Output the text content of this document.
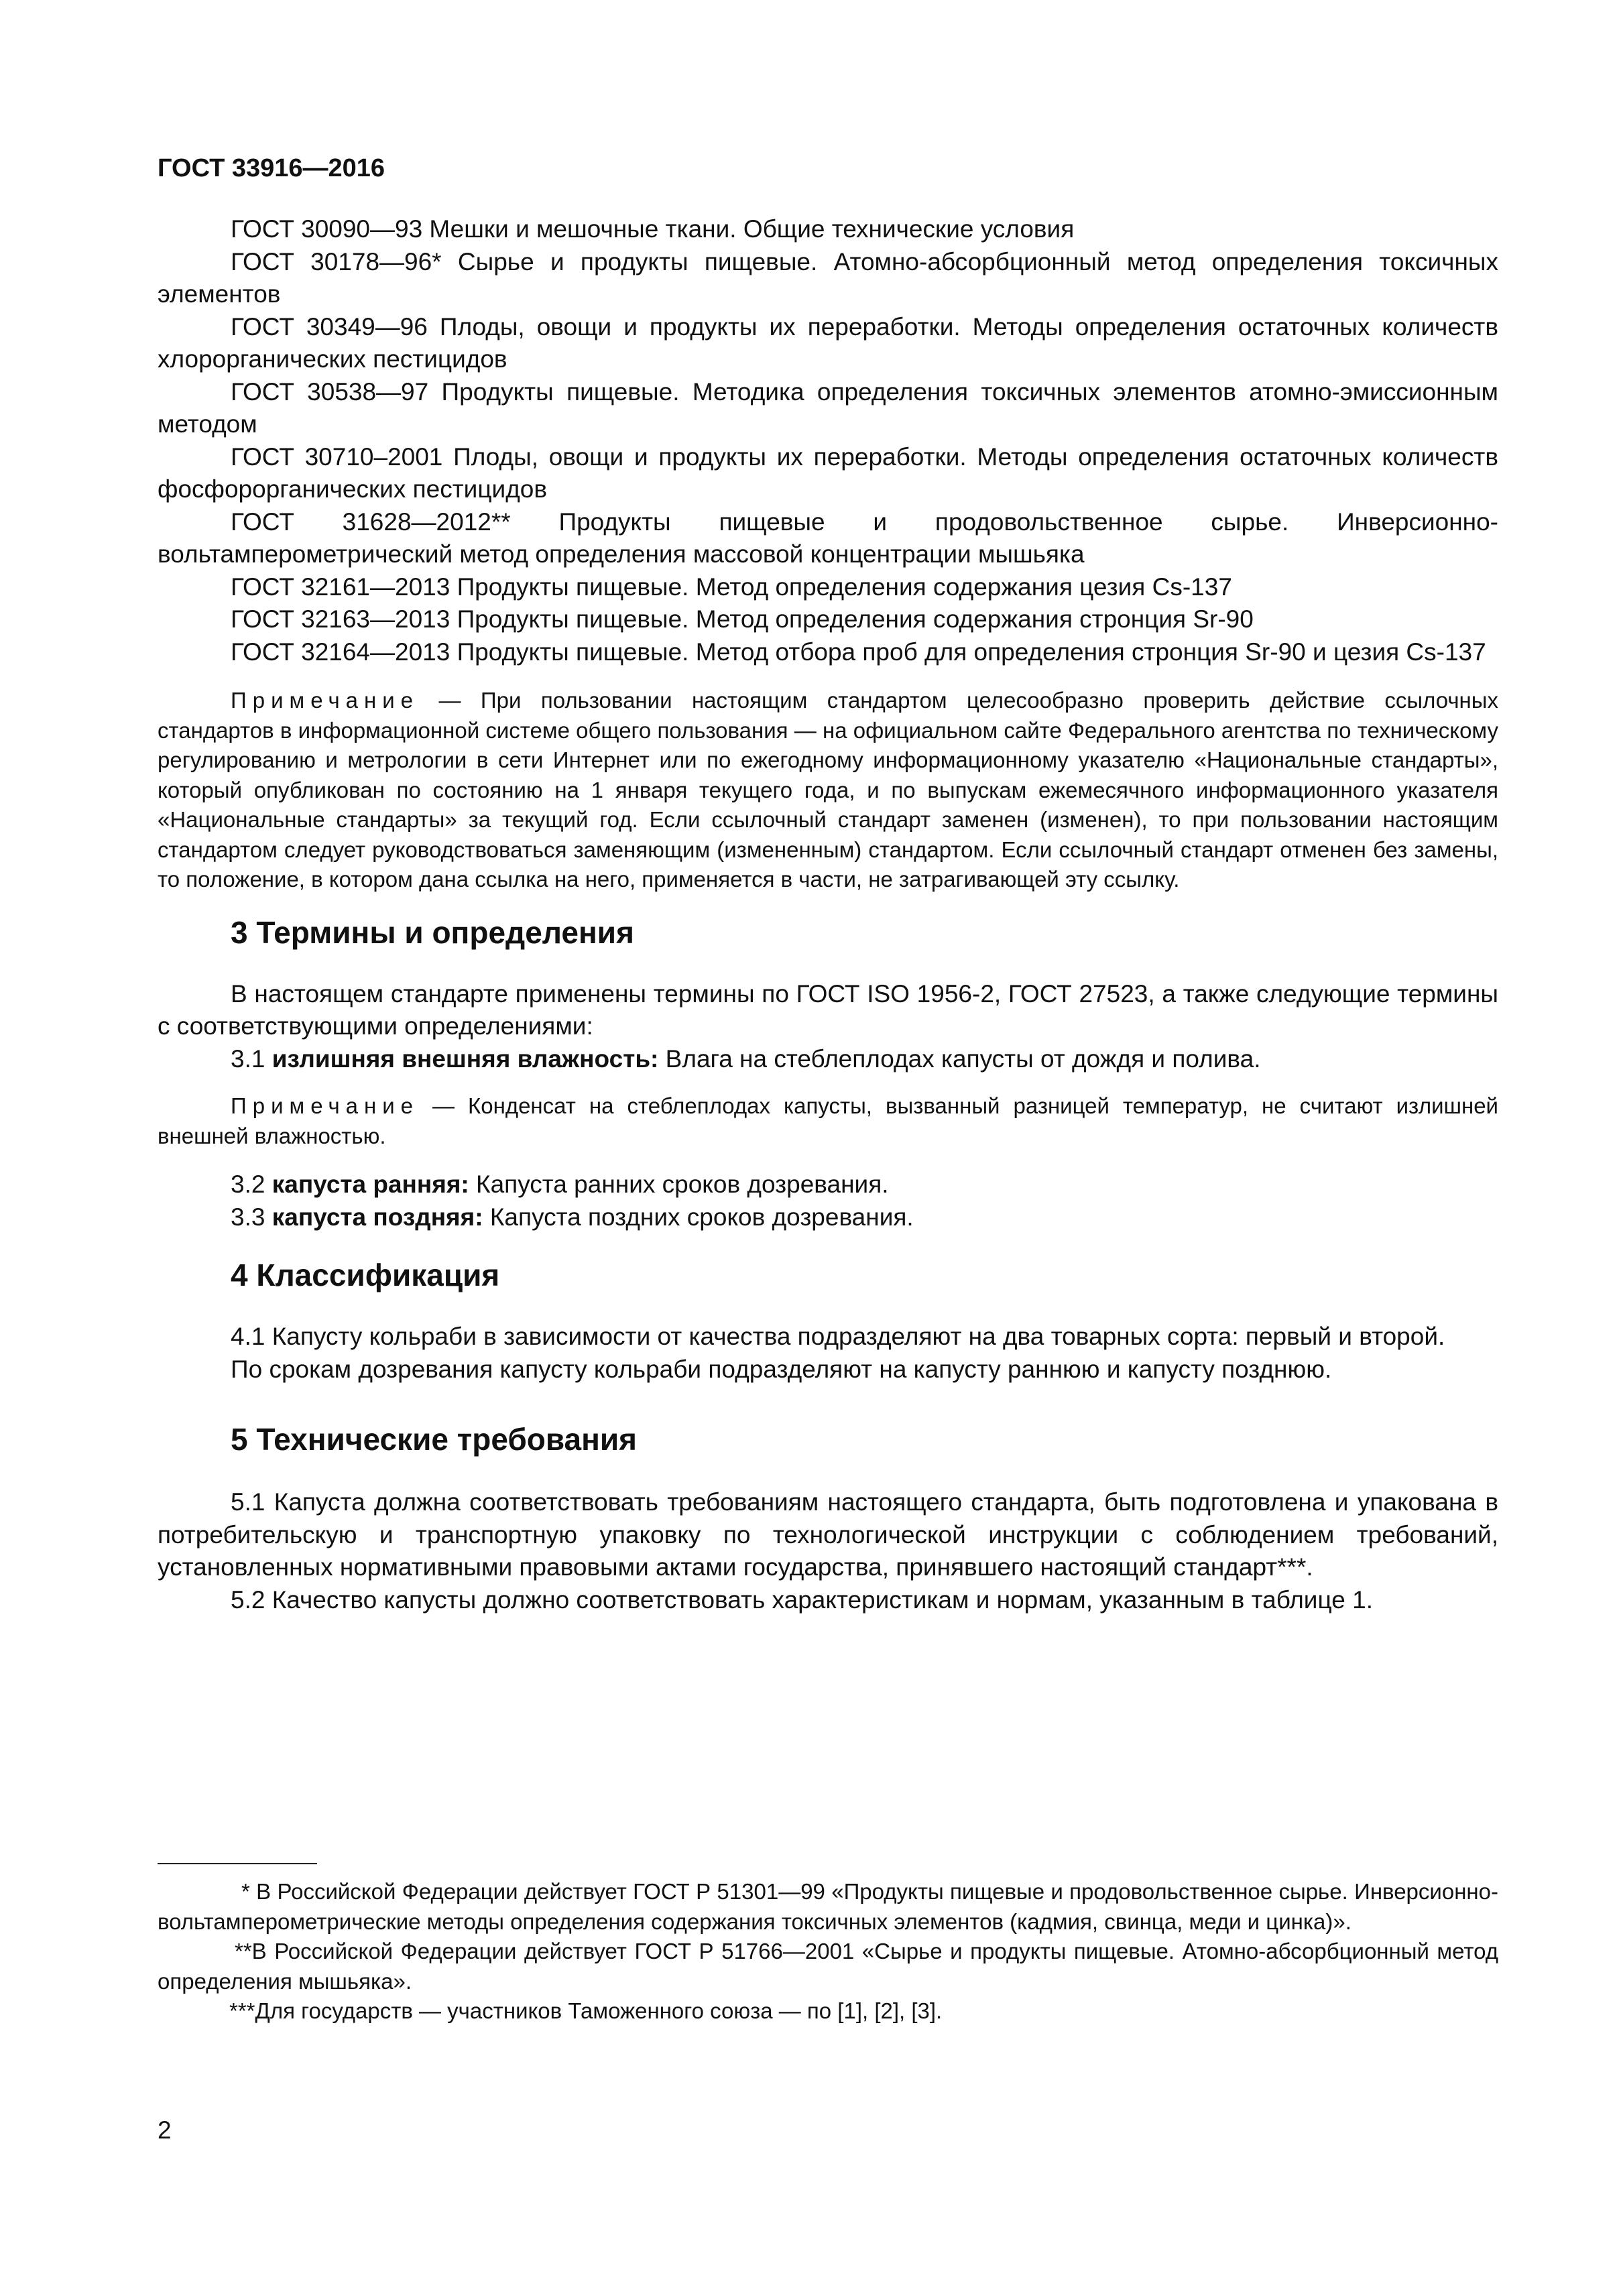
ГОСТ 33916—2016

ГОСТ 30090—93 Мешки и мешочные ткани. Общие технические условия

ГОСТ 30178—96* Сырье и продукты пищевые. Атомно-абсорбционный метод определения токсичных элементов

ГОСТ 30349—96 Плоды, овощи и продукты их переработки. Методы определения остаточных количеств хлорорганических пестицидов

ГОСТ 30538—97 Продукты пищевые. Методика определения токсичных элементов атомно-эмиссионным методом

ГОСТ 30710–2001 Плоды, овощи и продукты их переработки. Методы определения остаточных количеств фосфорорганических пестицидов

ГОСТ 31628—2012** Продукты пищевые и продовольственное сырье. Инверсионно-вольтамперометрический метод определения массовой концентрации мышьяка

ГОСТ 32161—2013 Продукты пищевые. Метод определения содержания цезия Cs-137

ГОСТ 32163—2013 Продукты пищевые. Метод определения содержания стронция Sr-90

ГОСТ 32164—2013 Продукты пищевые. Метод отбора проб для определения стронция Sr-90 и цезия Cs-137

Примечание — При пользовании настоящим стандартом целесообразно проверить действие ссылочных стандартов в информационной системе общего пользования — на официальном сайте Федерального агентства по техническому регулированию и метрологии в сети Интернет или по ежегодному информационному указателю «Национальные стандарты», который опубликован по состоянию на 1 января текущего года, и по выпускам ежемесячного информационного указателя «Национальные стандарты» за текущий год. Если ссылочный стандарт заменен (изменен), то при пользовании настоящим стандартом следует руководствоваться заменяющим (измененным) стандартом. Если ссылочный стандарт отменен без замены, то положение, в котором дана ссылка на него, применяется в части, не затрагивающей эту ссылку.

3 Термины и определения

В настоящем стандарте применены термины по ГОСТ ISO 1956-2, ГОСТ 27523, а также следующие термины с соответствующими определениями:

3.1 излишняя внешняя влажность: Влага на стеблеплодах капусты от дождя и полива.

Примечание — Конденсат на стеблеплодах капусты, вызванный разницей температур, не считают излишней внешней влажностью.

3.2 капуста ранняя: Капуста ранних сроков дозревания.

3.3 капуста поздняя: Капуста поздних сроков дозревания.

4 Классификация

4.1 Капусту кольраби в зависимости от качества подразделяют на два товарных сорта: первый и второй.

По срокам дозревания капусту кольраби подразделяют на капусту раннюю и капусту позднюю.

5 Технические требования

5.1 Капуста должна соответствовать требованиям настоящего стандарта, быть подготовлена и упакована в потребительскую и транспортную упаковку по технологической инструкции с соблюдением требований, установленных нормативными правовыми актами государства, принявшего настоящий стандарт***.

5.2 Качество капусты должно соответствовать характеристикам и нормам, указанным в таблице 1.

* В Российской Федерации действует ГОСТ Р 51301—99 «Продукты пищевые и продовольственное сырье. Инверсионно-вольтамперометрические методы определения содержания токсичных элементов (кадмия, свинца, меди и цинка)».

**В Российской Федерации действует ГОСТ Р 51766—2001 «Сырье и продукты пищевые. Атомно-абсорбционный метод определения мышьяка».

***Для государств — участников Таможенного союза — по [1], [2], [3].

2
